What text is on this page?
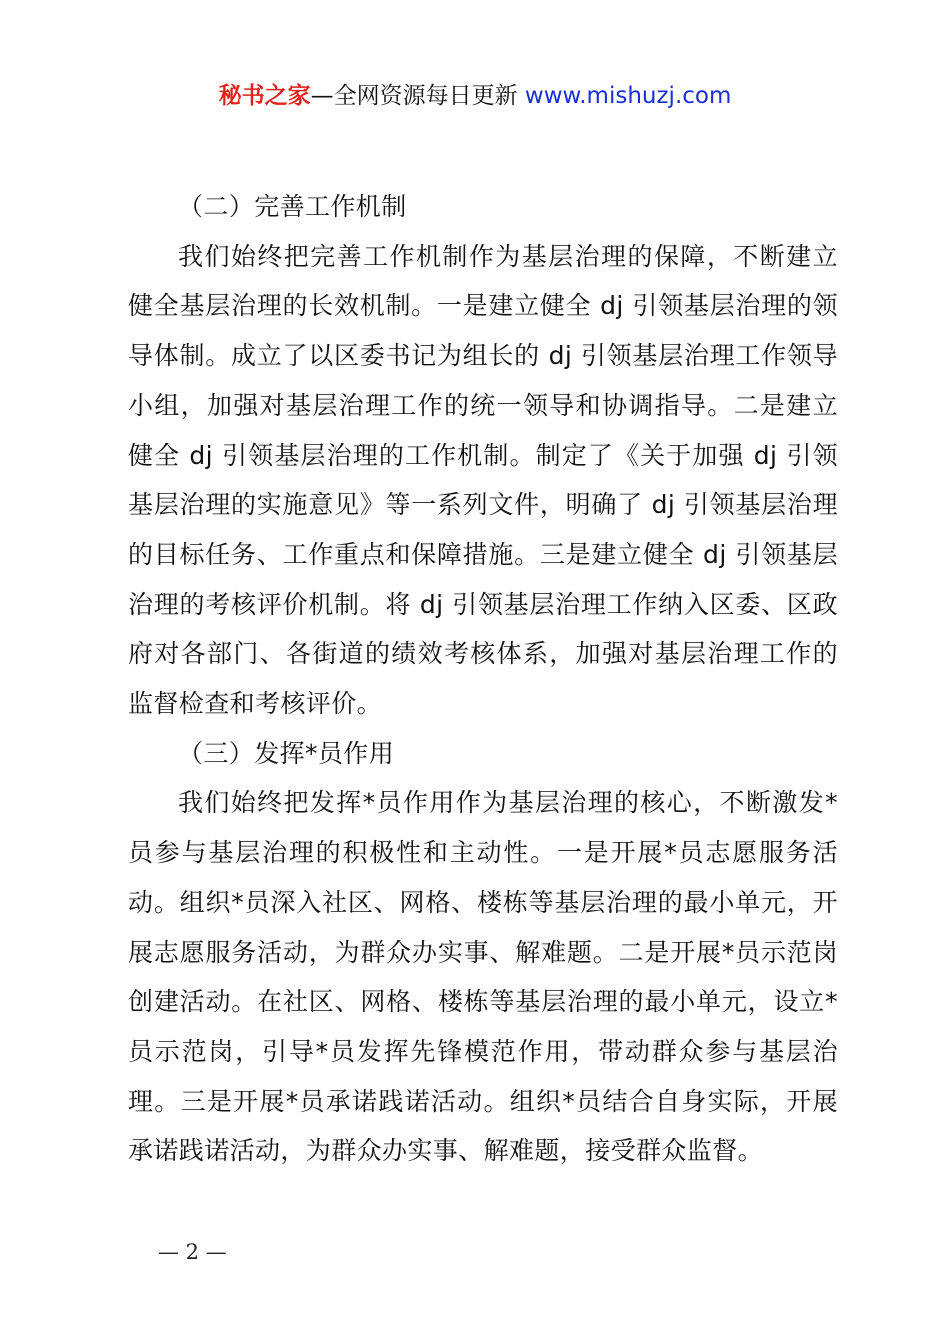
秘书之家—全网资源每日更新 www.mishuzj.com

（二）完善工作机制

我们始终把完善工作机制作为基层治理的保障，不断建立健全基层治理的长效机制。一是建立健全 dj 引领基层治理的领导体制。成立了以区委书记为组长的 dj 引领基层治理工作领导小组，加强对基层治理工作的统一领导和协调指导。二是建立健全 dj 引领基层治理的工作机制。制定了《关于加强 dj 引领基层治理的实施意见》等一系列文件，明确了 dj 引领基层治理的目标任务、工作重点和保障措施。三是建立健全 dj 引领基层治理的考核评价机制。将 dj 引领基层治理工作纳入区委、区政府对各部门、各街道的绩效考核体系，加强对基层治理工作的监督检查和考核评价。

（三）发挥*员作用

我们始终把发挥*员作用作为基层治理的核心，不断激发*员参与基层治理的积极性和主动性。一是开展*员志愿服务活动。组织*员深入社区、网格、楼栋等基层治理的最小单元，开展志愿服务活动，为群众办实事、解难题。二是开展*员示范岗创建活动。在社区、网格、楼栋等基层治理的最小单元，设立*员示范岗，引导*员发挥先锋模范作用，带动群众参与基层治理。三是开展*员承诺践诺活动。组织*员结合自身实际，开展承诺践诺活动，为群众办实事、解难题，接受群众监督。

— 2 —
